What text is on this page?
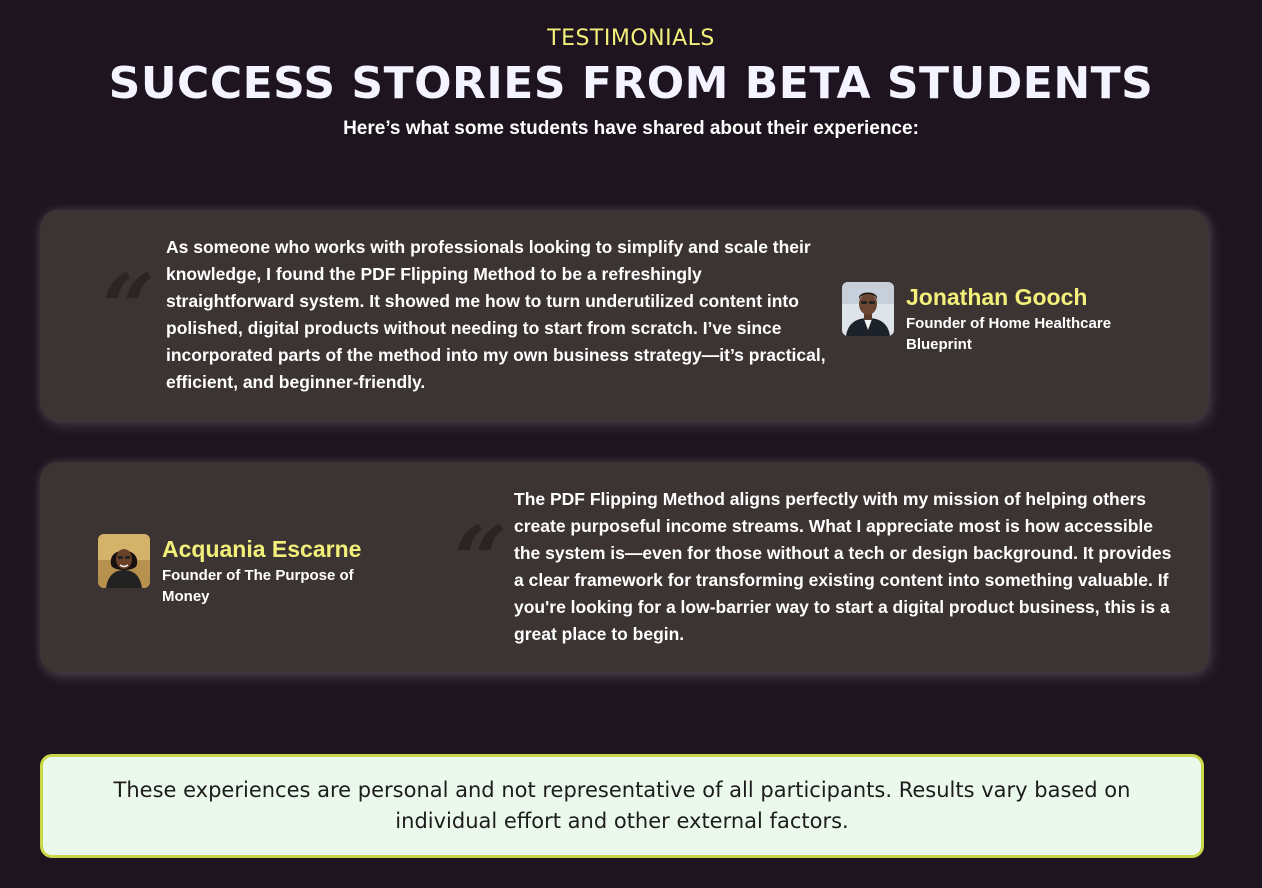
TESTIMONIALS
SUCCESS STORIES FROM BETA STUDENTS
Here’s what some students have shared about their experience:
“
As someone who works with professionals looking to simplify and scale their knowledge, I found the PDF Flipping Method to be a refreshingly straightforward system. It showed me how to turn underutilized content into polished, digital products without needing to start from scratch. I’ve since incorporated parts of the method into my own business strategy—it’s practical, efficient, and beginner-friendly.
Jonathan Gooch
Founder of Home Healthcare Blueprint
Acquania Escarne
Founder of The Purpose of Money	“
The PDF Flipping Method aligns perfectly with my mission of helping others create purposeful income streams. What I appreciate most is how accessible the system is—even for those without a tech or design background. It provides a clear framework for transforming existing content into something valuable. If you're looking for a low-barrier way to start a digital product business, this is a great place to begin.
These experiences are personal and not representative of all participants. Results vary based on individual effort and other external factors.
